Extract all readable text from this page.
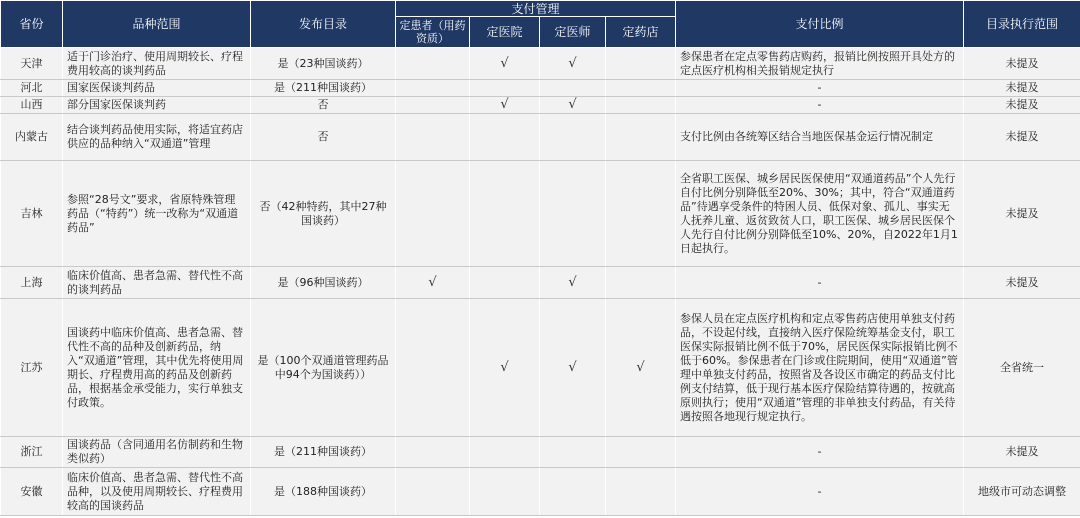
省份	品种范围	发布目录	支付管理				支付比例	目录执行范围
			定患者（用药资质）	定医院	定医师	定药店		
天津	适于门诊治疗、使用周期较长、疗程费用较高的谈判药品	是（23种国谈药）		√	√		参保患者在定点零售药店购药，报销比例按照开具处方的定点医疗机构相关报销规定执行	未提及
河北	国家医保谈判药品	是（211种国谈药）					-	未提及
山西	部分国家医保谈判药	否		√	√		-	未提及
内蒙古	结合谈判药品使用实际，将适宜药店供应的品种纳入“双通道”管理	否					支付比例由各统筹区结合当地医保基金运行情况制定	未提及
吉林	参照“28号文”要求，省原特殊管理药品（“特药”）统一改称为“双通道药品”	否（42种特药，其中27种国谈药）					全省职工医保、城乡居民医保使用“双通道药品”个人先行自付比例分别降低至20%、30%；其中，符合“双通道药品”待遇享受条件的特困人员、低保对象、孤儿、事实无人抚养儿童、返贫致贫人口，职工医保、城乡居民医保个人先行自付比例分别降低至10%、20%，自2022年1月1日起执行。	未提及
上海	临床价值高、患者急需、替代性不高的谈判药品	是（96种国谈药）	√		√		-	未提及
江苏	国谈药中临床价值高、患者急需、替代性不高的品种及创新药品，纳入“双通道”管理，其中优先将使用周期长、疗程费用高的药品及创新药品，根据基金承受能力，实行单独支付政策。	是（100个双通道管理药品中94个为国谈药））		√	√	√	参保人员在定点医疗机构和定点零售药店使用单独支付药品，不设起付线，直接纳入医疗保险统筹基金支付，职工医保实际报销比例不低于70%，居民医保实际报销比例不低于60%。参保患者在门诊或住院期间，使用“双通道”管理中单独支付药品，按照省及各设区市确定的药品支付比例支付结算，低于现行基本医疗保险结算待遇的，按就高原则执行；使用“双通道”管理的非单独支付药品，有关待遇按照各地现行规定执行。	全省统一
浙江	国谈药品（含同通用名仿制药和生物类似药）	是（211种国谈药）					-	未提及
安徽	临床价值高、患者急需、替代性不高品种，以及使用周期较长、疗程费用较高的国谈药品	是（188种国谈药）					-	地级市可动态调整
